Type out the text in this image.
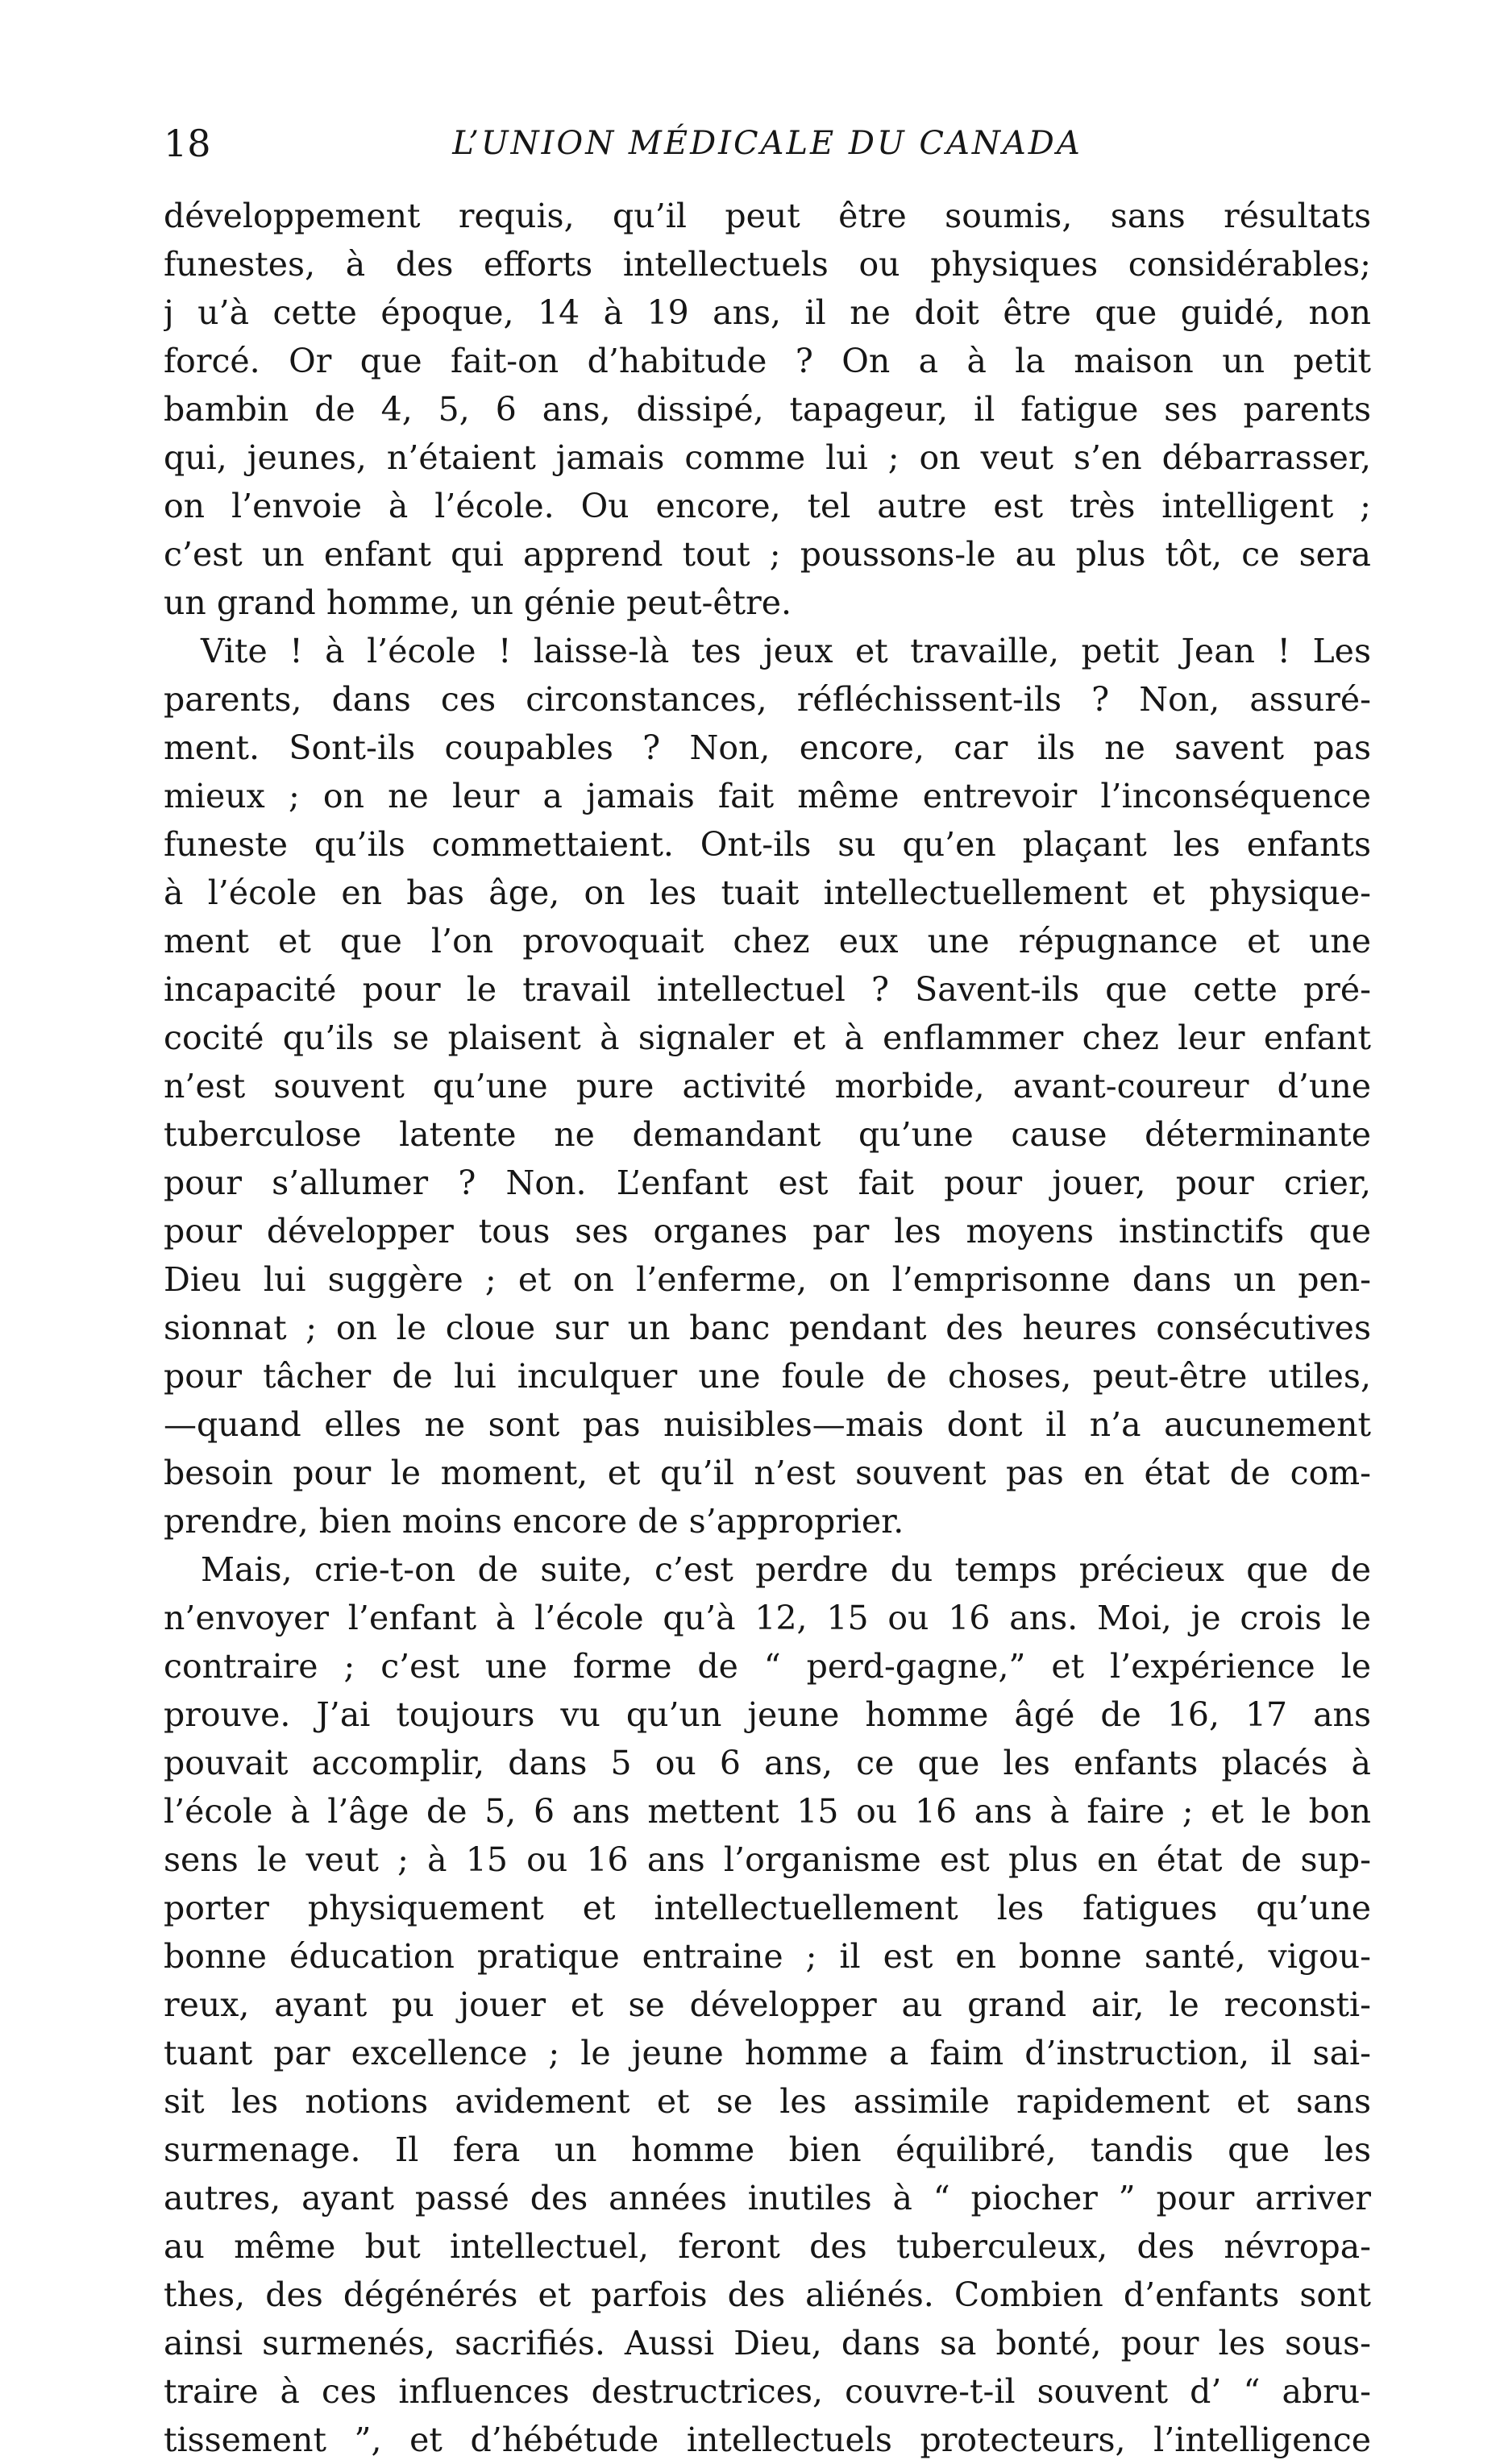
18	L’UNION MÉDICALE DU CANADA
développement requis, qu’il peut être soumis, sans résultats
funestes, à des efforts intellectuels ou physiques considérables;
j u’à cette époque, 14 à 19 ans, il ne doit être que guidé, non
forcé. Or que fait-on d’habitude ? On a à la maison un petit
bambin de 4, 5, 6 ans, dissipé, tapageur, il fatigue ses parents
qui, jeunes, n’étaient jamais comme lui ; on veut s’en débarrasser,
on l’envoie à l’école. Ou encore, tel autre est très intelligent ;
c’est un enfant qui apprend tout ; poussons-le au plus tôt, ce sera
un grand homme, un génie peut-être.
Vite ! à l’école ! laisse-là tes jeux et travaille, petit Jean ! Les
parents, dans ces circonstances, réfléchissent-ils ? Non, assuré-
ment. Sont-ils coupables ? Non, encore, car ils ne savent pas
mieux ; on ne leur a jamais fait même entrevoir l’inconséquence
funeste qu’ils commettaient. Ont-ils su qu’en plaçant les enfants
à l’école en bas âge, on les tuait intellectuellement et physique-
ment et que l’on provoquait chez eux une répugnance et une
incapacité pour le travail intellectuel ? Savent-ils que cette pré-
cocité qu’ils se plaisent à signaler et à enflammer chez leur enfant
n’est souvent qu’une pure activité morbide, avant-coureur d’une
tuberculose latente ne demandant qu’une cause déterminante
pour s’allumer ? Non. L’enfant est fait pour jouer, pour crier,
pour développer tous ses organes par les moyens instinctifs que
Dieu lui suggère ; et on l’enferme, on l’emprisonne dans un pen-
sionnat ; on le cloue sur un banc pendant des heures consécutives
pour tâcher de lui inculquer une foule de choses, peut-être utiles,
—quand elles ne sont pas nuisibles—mais dont il n’a aucunement
besoin pour le moment, et qu’il n’est souvent pas en état de com-
prendre, bien moins encore de s’approprier.
Mais, crie-t-on de suite, c’est perdre du temps précieux que de
n’envoyer l’enfant à l’école qu’à 12, 15 ou 16 ans. Moi, je crois le
contraire ; c’est une forme de “ perd-gagne,” et l’expérience le
prouve. J’ai toujours vu qu’un jeune homme âgé de 16, 17 ans
pouvait accomplir, dans 5 ou 6 ans, ce que les enfants placés à
l’école à l’âge de 5, 6 ans mettent 15 ou 16 ans à faire ; et le bon
sens le veut ; à 15 ou 16 ans l’organisme est plus en état de sup-
porter physiquement et intellectuellement les fatigues qu’une
bonne éducation pratique entraine ; il est en bonne santé, vigou-
reux, ayant pu jouer et se développer au grand air, le reconsti-
tuant par excellence ; le jeune homme a faim d’instruction, il sai-
sit les notions avidement et se les assimile rapidement et sans
surmenage. Il fera un homme bien équilibré, tandis que les
autres, ayant passé des années inutiles à “ piocher ” pour arriver
au même but intellectuel, feront des tuberculeux, des névropa-
thes, des dégénérés et parfois des aliénés. Combien d’enfants sont
ainsi surmenés, sacrifiés. Aussi Dieu, dans sa bonté, pour les sous-
traire à ces influences destructrices, couvre-t-il souvent d’ “ abru-
tissement ”, et d’hébétude intellectuels protecteurs, l’intelligence
